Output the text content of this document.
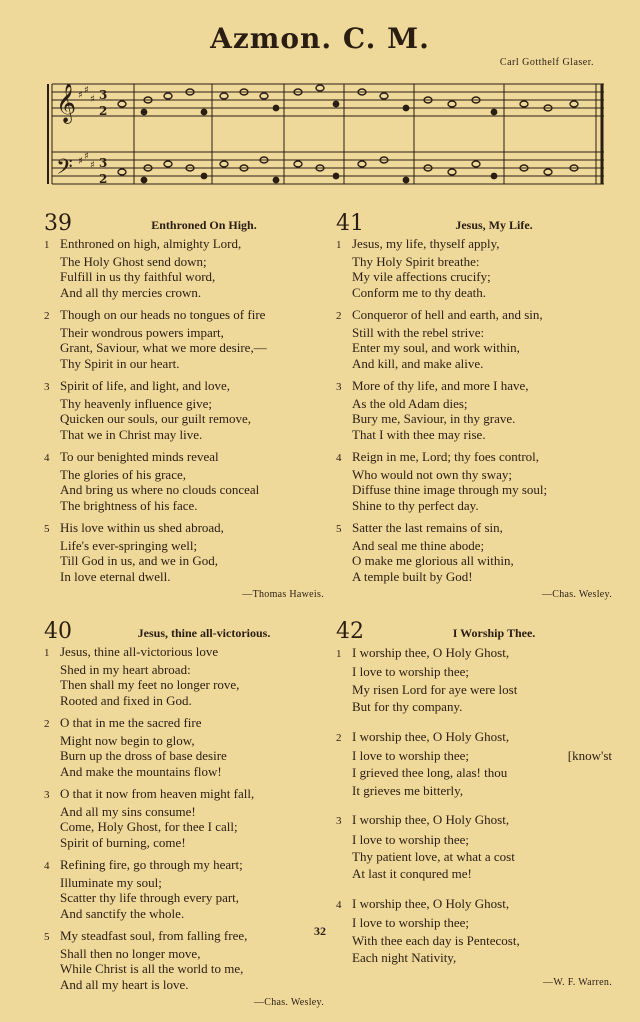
Azmon. C. M.
Carl Gotthelf Glaser.
𝄞
𝄢
♯ ♯
♯
♯ ♯
♯
3
2
3
2
39	Enthroned On High.
1 Enthroned on high, almighty Lord,
The Holy Ghost send down;
Fulfill in us thy faithful word,
And all thy mercies crown.
2 Though on our heads no tongues of fire
Their wondrous powers impart,
Grant, Saviour, what we more desire,—
Thy Spirit in our heart.
3 Spirit of life, and light, and love,
Thy heavenly influence give;
Quicken our souls, our guilt remove,
That we in Christ may live.
4 To our benighted minds reveal
The glories of his grace,
And bring us where no clouds conceal
The brightness of his face.
5 His love within us shed abroad,
Life's ever-springing well;
Till God in us, and we in God,
In love eternal dwell.
—Thomas Haweis.
40	Jesus, thine all-victorious.
1 Jesus, thine all-victorious love
Shed in my heart abroad:
Then shall my feet no longer rove,
Rooted and fixed in God.
2 O that in me the sacred fire
Might now begin to glow,
Burn up the dross of base desire
And make the mountains flow!
3 O that it now from heaven might fall,
And all my sins consume!
Come, Holy Ghost, for thee I call;
Spirit of burning, come!
4 Refining fire, go through my heart;
Illuminate my soul;
Scatter thy life through every part,
And sanctify the whole.
5 My steadfast soul, from falling free,
Shall then no longer move,
While Christ is all the world to me,
And all my heart is love.
—Chas. Wesley.
41	Jesus, My Life.
1 Jesus, my life, thyself apply,
Thy Holy Spirit breathe:
My vile affections crucify;
Conform me to thy death.
2 Conqueror of hell and earth, and sin,
Still with the rebel strive:
Enter my soul, and work within,
And kill, and make alive.
3 More of thy life, and more I have,
As the old Adam dies;
Bury me, Saviour, in thy grave.
That I with thee may rise.
4 Reign in me, Lord; thy foes control,
Who would not own thy sway;
Diffuse thine image through my soul;
Shine to thy perfect day.
5 Satter the last remains of sin,
And seal me thine abode;
O make me glorious all within,
A temple built by God!
—Chas. Wesley.
42	I Worship Thee.
1 I worship thee, O Holy Ghost,
I love to worship thee;
My risen Lord for aye were lost
But for thy company.
2 I worship thee, O Holy Ghost,
I love to worship thee;	[know'st
I grieved thee long, alas! thou
It grieves me bitterly,
3 I worship thee, O Holy Ghost,
I love to worship thee;
Thy patient love, at what a cost
At last it conqured me!
4 I worship thee, O Holy Ghost,
I love to worship thee;
With thee each day is Pentecost,
Each night Nativity,
—W. F. Warren.
32
